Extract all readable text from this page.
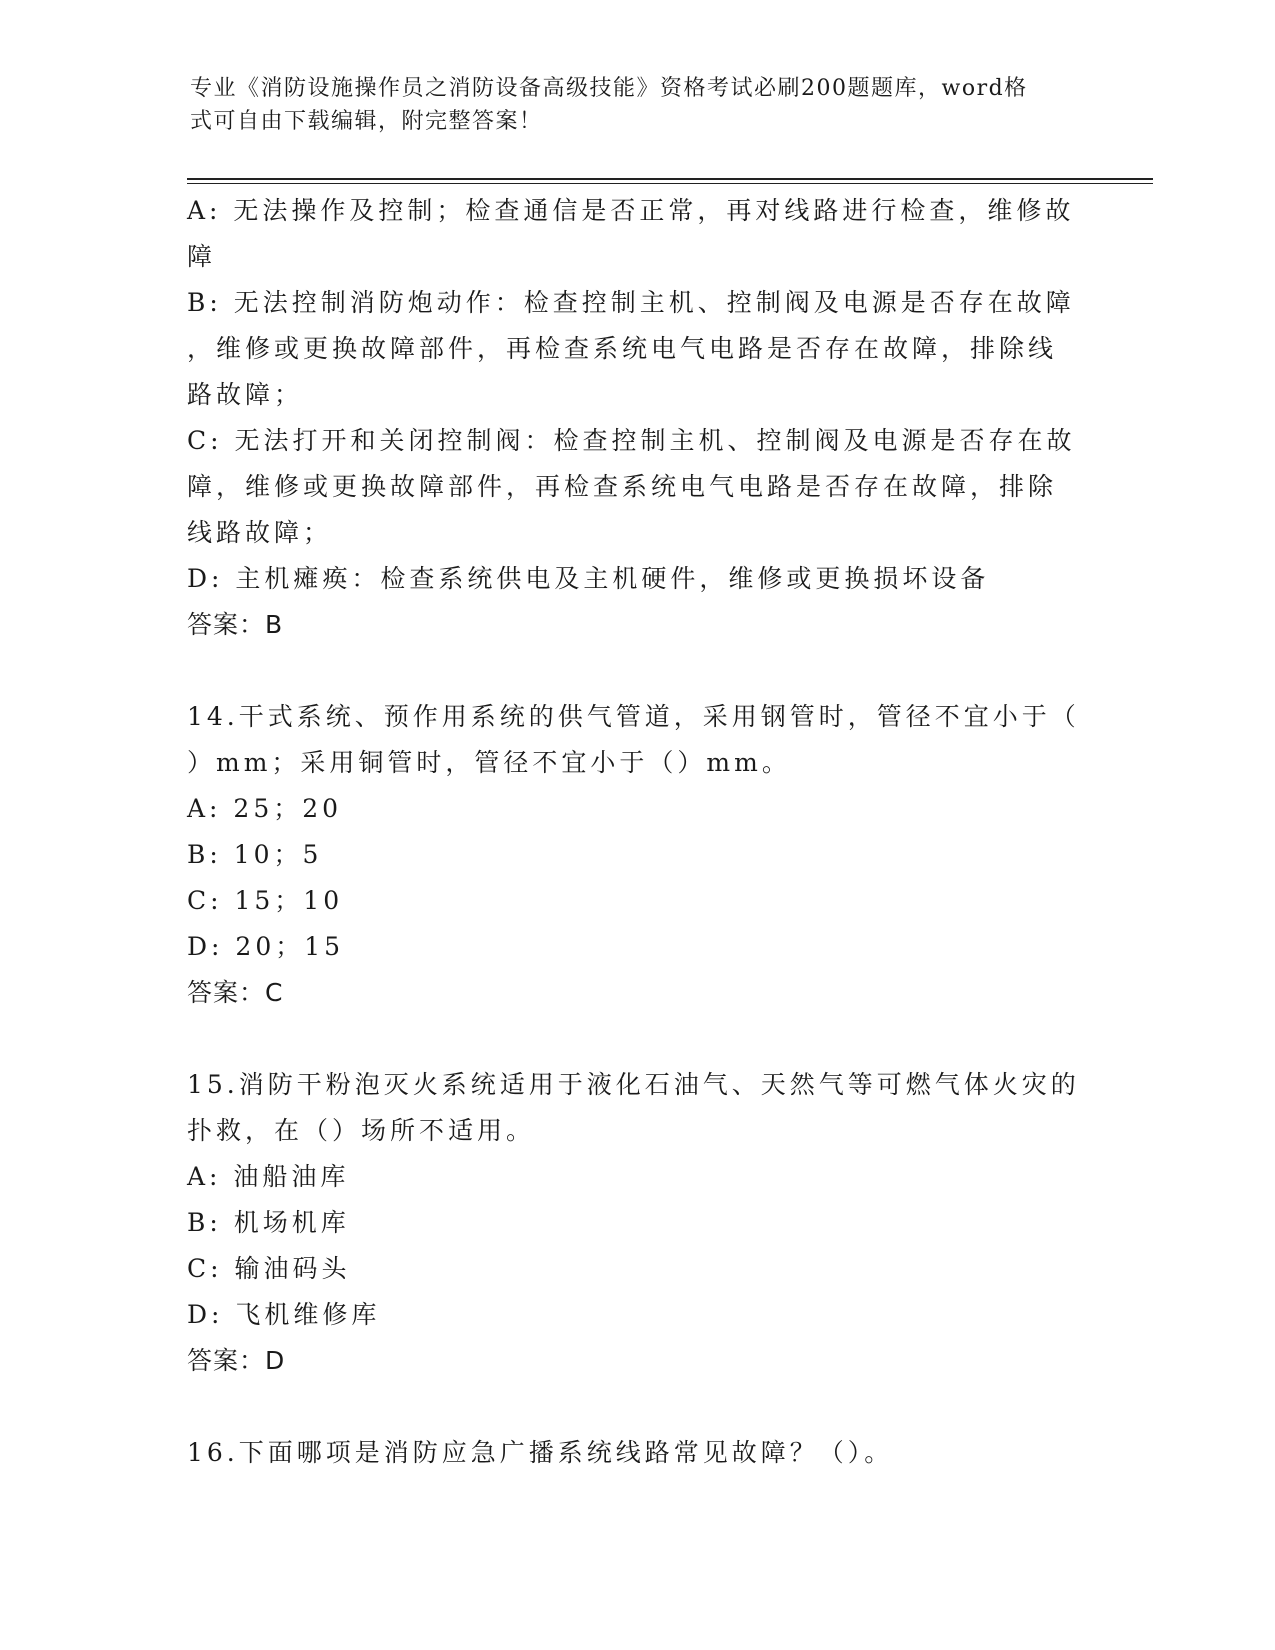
专业《消防设施操作员之消防设备高级技能》资格考试必刷200题题库，word格
式可自由下载编辑，附完整答案！
A: 无法操作及控制；检查通信是否正常，再对线路进行检查，维修故
障
B: 无法控制消防炮动作：检查控制主机、控制阀及电源是否存在故障
，维修或更换故障部件，再检查系统电气电路是否存在故障，排除线
路故障；
C: 无法打开和关闭控制阀：检查控制主机、控制阀及电源是否存在故
障，维修或更换故障部件，再检查系统电气电路是否存在故障，排除
线路故障；
D: 主机瘫痪：检查系统供电及主机硬件，维修或更换损坏设备
答案：B
14.干式系统、预作用系统的供气管道，采用钢管时，管径不宜小于（
）mm；采用铜管时，管径不宜小于（）mm。
A: 25；20
B: 10；5
C: 15；10
D: 20；15
答案：C
15.消防干粉泡灭火系统适用于液化石油气、天然气等可燃气体火灾的
扑救，在（）场所不适用。
A: 油船油库
B: 机场机库
C: 输油码头
D: 飞机维修库
答案：D
16.下面哪项是消防应急广播系统线路常见故障？（）。
